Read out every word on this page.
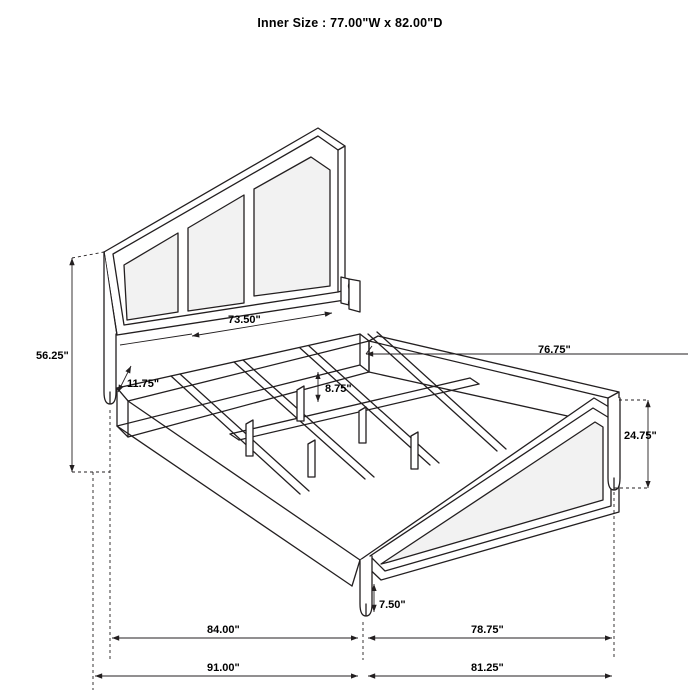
Inner Size : 77.00"W x 82.00"D
73.50"
56.25"
11.75"
76.75"
8.75"
24.75"
7.50"
84.00"	78.75"
91.00"	81.25"
